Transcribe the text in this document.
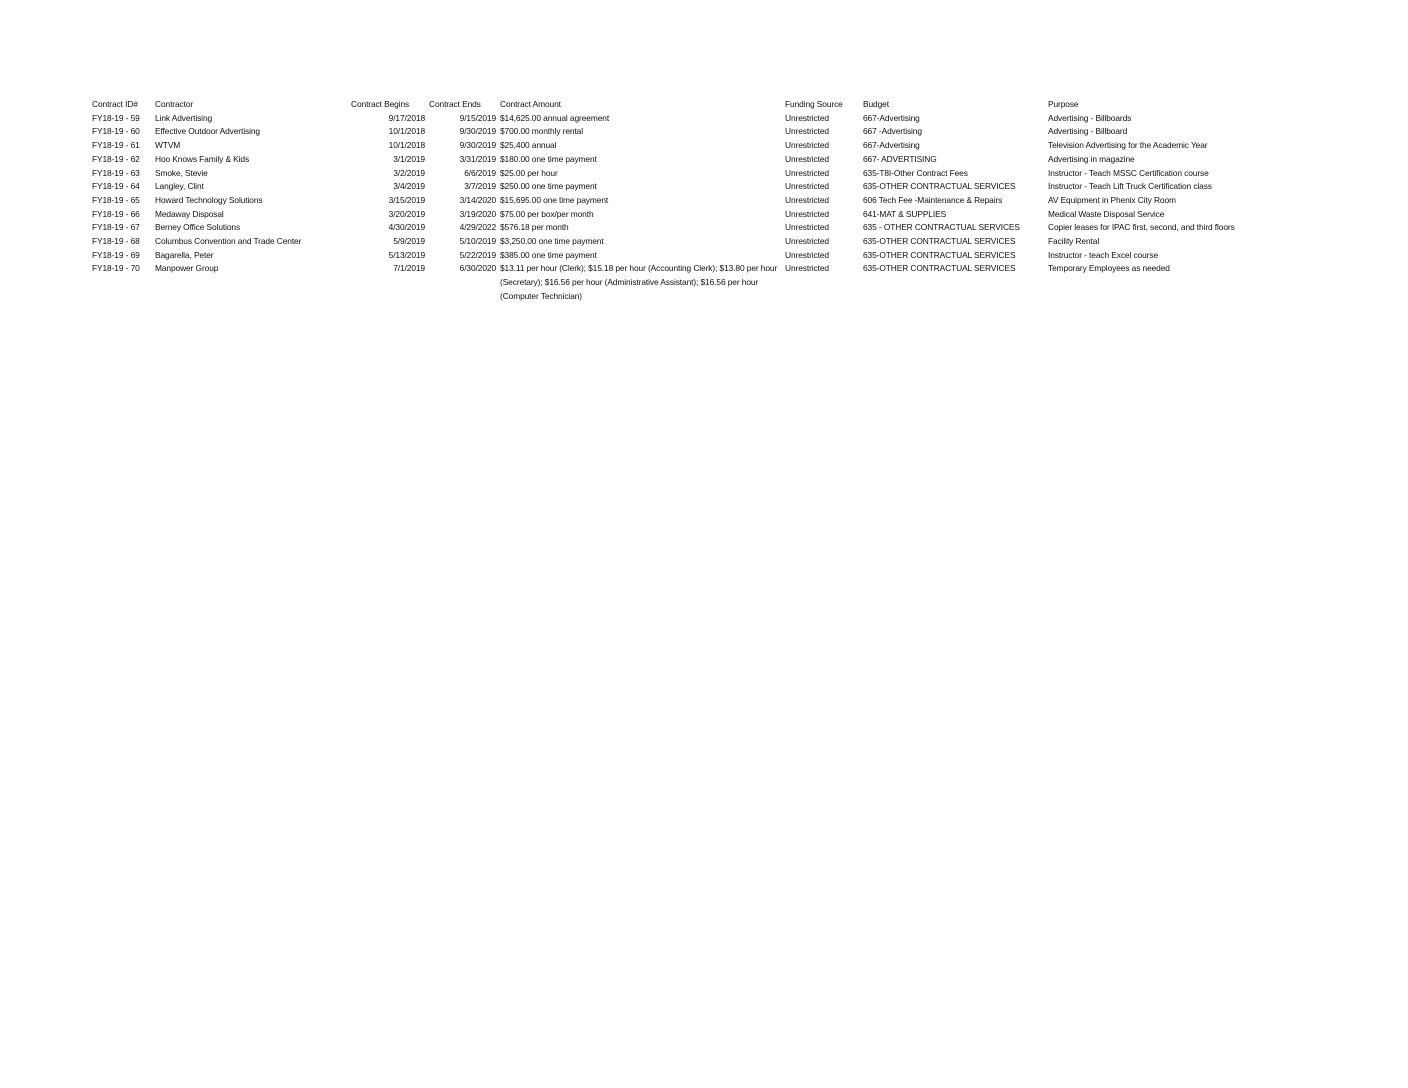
Contract ID#	Contractor	Contract Begins	Contract Ends	Contract Amount	Funding Source	Budget	Purpose
FY18-19 - 59	Link Advertising	9/17/2018	9/15/2019	$14,625.00 annual agreement	Unrestricted	667-Advertising	Advertising - Billboards
FY18-19 - 60	Effective Outdoor Advertising	10/1/2018	9/30/2019	$700.00 monthly rental	Unrestricted	667 -Advertising	Advertising - Billboard
FY18-19 - 61	WTVM	10/1/2018	9/30/2019	$25,400 annual	Unrestricted	667-Advertising	Television Advertising for the Academic Year
FY18-19 - 62	Hoo Knows Family & Kids	3/1/2019	3/31/2019	$180.00 one time payment	Unrestricted	667- ADVERTISING	Advertising in magazine
FY18-19 - 63	Smoke, Stevie	3/2/2019	6/6/2019	$25.00 per hour	Unrestricted	635-T8I-Other Contract Fees	Instructor - Teach MSSC Certification course
FY18-19 - 64	Langley, Clint	3/4/2019	3/7/2019	$250.00 one time payment	Unrestricted	635-OTHER CONTRACTUAL SERVICES	Instructor - Teach Lift Truck Certification class
FY18-19 - 65	Howard Technology Solutions	3/15/2019	3/14/2020	$15,695.00 one time payment	Unrestricted	606 Tech Fee -Maintenance & Repairs	AV Equipment in Phenix City Room
FY18-19 - 66	Medaway Disposal	3/20/2019	3/19/2020	$75.00 per box/per month	Unrestricted	641-MAT & SUPPLIES	Medical Waste Disposal Service
FY18-19 - 67	Berney Office Solutions	4/30/2019	4/29/2022	$576.18 per month	Unrestricted	635 - OTHER CONTRACTUAL SERVICES	Copier leases for IPAC first, second, and third floors
FY18-19 - 68	Columbus Convention and Trade Center	5/9/2019	5/10/2019	$3,250.00 one time payment	Unrestricted	635-OTHER CONTRACTUAL SERVICES	Facility Rental
FY18-19 - 69	Bagarella, Peter	5/13/2019	5/22/2019	$385.00 one time payment	Unrestricted	635-OTHER CONTRACTUAL SERVICES	Instructor - teach Excel course
FY18-19 - 70	Manpower Group	7/1/2019	6/30/2020	$13.11 per hour (Clerk); $15.18 per hour (Accounting Clerk); $13.80 per hour (Secretary); $16.56 per hour (Administrative Assistant); $16.56 per hour (Computer Technician)	Unrestricted	635-OTHER CONTRACTUAL SERVICES	Temporary Employees as needed
